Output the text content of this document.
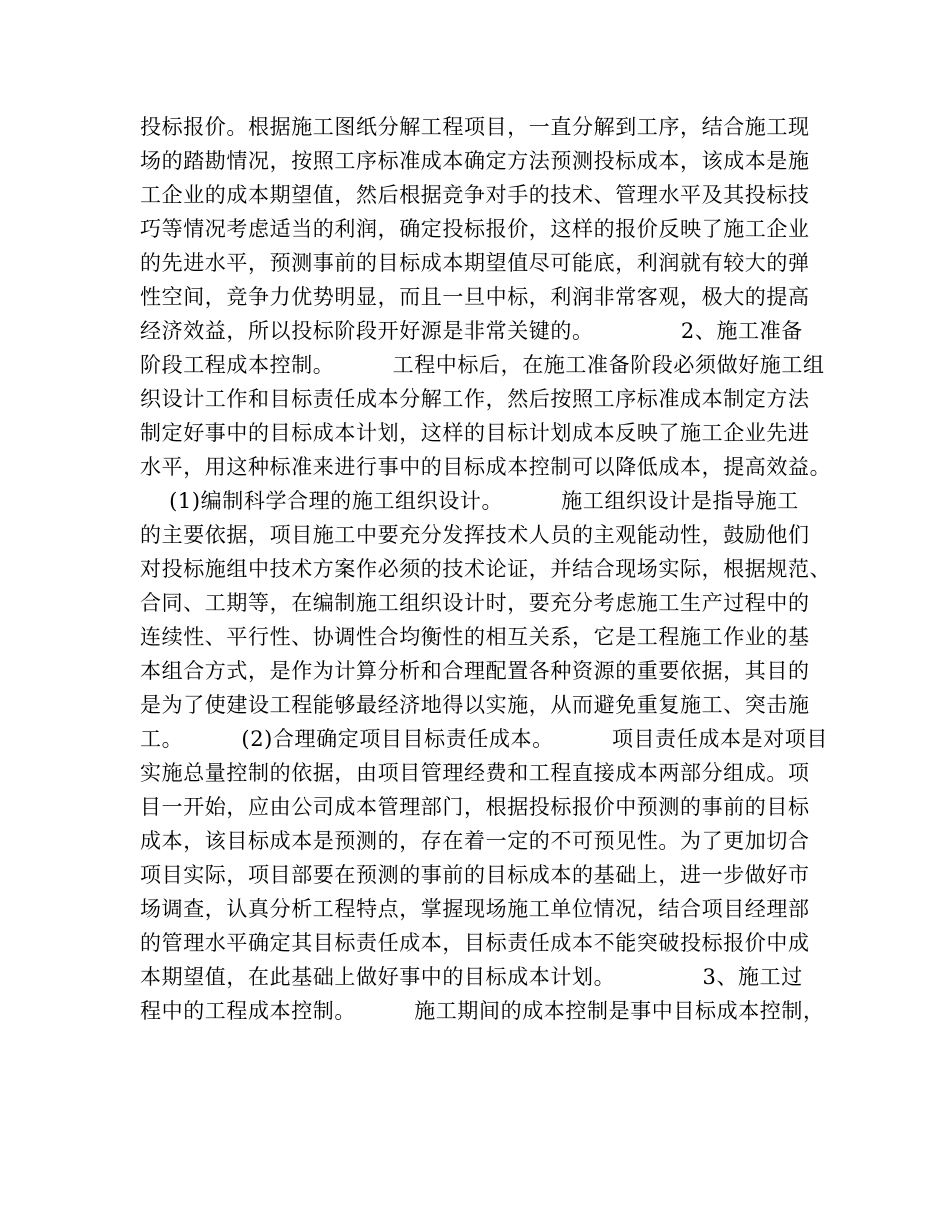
投标报价。根据施工图纸分解工程项目，一直分解到工序，结合施工现
场的踏勘情况，按照工序标准成本确定方法预测投标成本，该成本是施
工企业的成本期望值，然后根据竞争对手的技术、管理水平及其投标技
巧等情况考虑适当的利润，确定投标报价，这样的报价反映了施工企业
的先进水平，预测事前的目标成本期望值尽可能底，利润就有较大的弹
性空间，竞争力优势明显，而且一旦中标，利润非常客观，极大的提高
经济效益，所以投标阶段开好源是非常关键的。            2、施工准备
阶段工程成本控制。        工程中标后，在施工准备阶段必须做好施工组
织设计工作和目标责任成本分解工作，然后按照工序标准成本制定方法
制定好事中的目标成本计划，这样的目标计划成本反映了施工企业先进
水平，用这种标准来进行事中的目标成本控制可以降低成本，提高效益。
(1)编制科学合理的施工组织设计。        施工组织设计是指导施工
的主要依据，项目施工中要充分发挥技术人员的主观能动性，鼓励他们
对投标施组中技术方案作必须的技术论证，并结合现场实际，根据规范、
合同、工期等，在编制施工组织设计时，要充分考虑施工生产过程中的
连续性、平行性、协调性合均衡性的相互关系，它是工程施工作业的基
本组合方式，是作为计算分析和合理配置各种资源的重要依据，其目的
是为了使建设工程能够最经济地得以实施，从而避免重复施工、突击施
工。        (2)合理确定项目目标责任成本。        项目责任成本是对项目
实施总量控制的依据，由项目管理经费和工程直接成本两部分组成。项
目一开始，应由公司成本管理部门，根据投标报价中预测的事前的目标
成本，该目标成本是预测的，存在着一定的不可预见性。为了更加切合
项目实际，项目部要在预测的事前的目标成本的基础上，进一步做好市
场调查，认真分析工程特点，掌握现场施工单位情况，结合项目经理部
的管理水平确定其目标责任成本，目标责任成本不能突破投标报价中成
本期望值，在此基础上做好事中的目标成本计划。            3、施工过
程中的工程成本控制。        施工期间的成本控制是事中目标成本控制，
